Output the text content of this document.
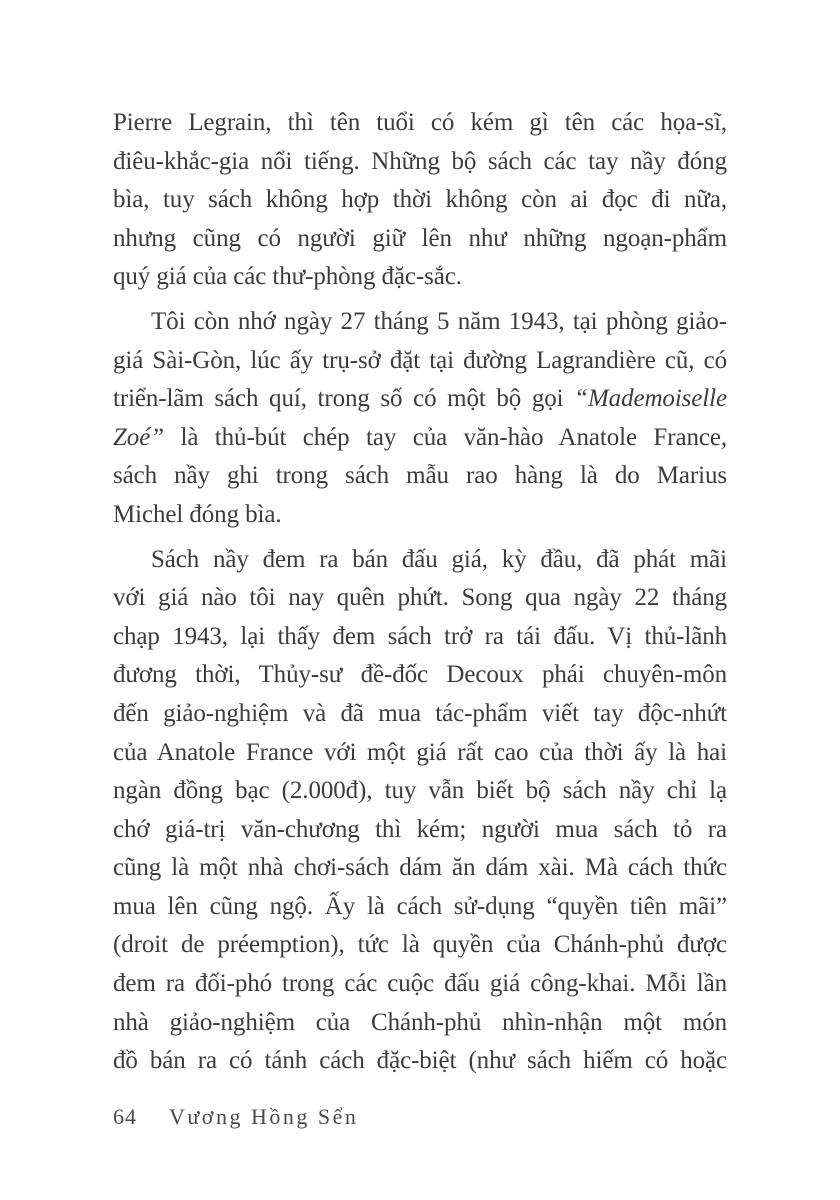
Pierre Legrain, thì tên tuổi có kém gì tên các họa-sĩ,
điêu-khắc-gia nổi tiếng. Những bộ sách các tay nầy đóng
bìa, tuy sách không hợp thời không còn ai đọc đi nữa,
nhưng cũng có người giữ lên như những ngoạn-phẩm
quý giá của các thư-phòng đặc-sắc.
Tôi còn nhớ ngày 27 tháng 5 năm 1943, tại phòng giảo-
giá Sài-Gòn, lúc ấy trụ-sở đặt tại đường Lagrandière cũ, có
triển-lãm sách quí, trong số có một bộ gọi “Mademoiselle
Zoé” là thủ-bút chép tay của văn-hào Anatole France,
sách nầy ghi trong sách mẫu rao hàng là do Marius
Michel đóng bìa.
Sách nầy đem ra bán đấu giá, kỳ đầu, đã phát mãi
với giá nào tôi nay quên phứt. Song qua ngày 22 tháng
chạp 1943, lại thấy đem sách trở ra tái đấu. Vị thủ-lãnh
đương thời, Thủy-sư đề-đốc Decoux phái chuyên-môn
đến giảo-nghiệm và đã mua tác-phẩm viết tay độc-nhứt
của Anatole France với một giá rất cao của thời ấy là hai
ngàn đồng bạc (2.000đ), tuy vẫn biết bộ sách nầy chỉ lạ
chớ giá-trị văn-chương thì kém; người mua sách tỏ ra
cũng là một nhà chơi-sách dám ăn dám xài. Mà cách thức
mua lên cũng ngộ. Ấy là cách sử-dụng “quyền tiên mãi”
(droit de préemption), tức là quyền của Chánh-phủ được
đem ra đối-phó trong các cuộc đấu giá công-khai. Mỗi lần
nhà giảo-nghiệm của Chánh-phủ nhìn-nhận một món
đồ bán ra có tánh cách đặc-biệt (như sách hiếm có hoặc
64 Vương Hồng Sển
